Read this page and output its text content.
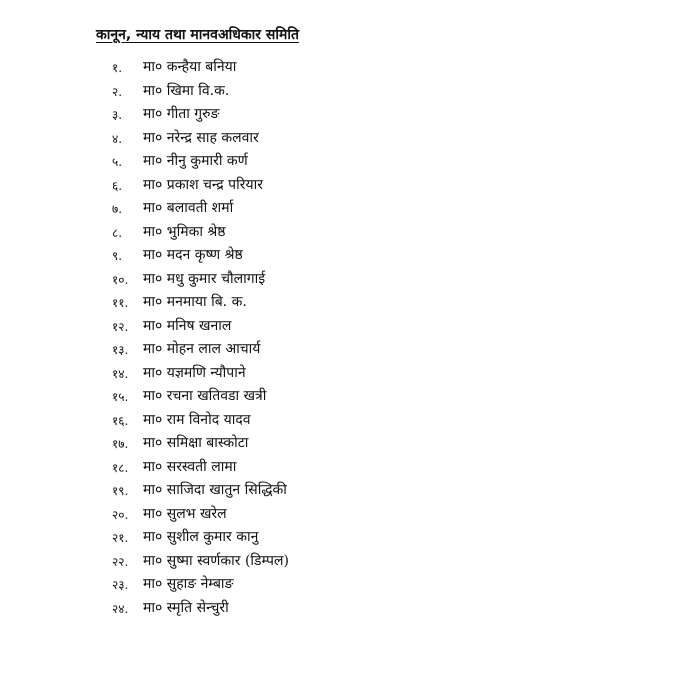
कानून, न्याय तथा मानवअधिकार समिति
१. मा० कन्हैया बनिया
२. मा० खिमा वि.क.
३. मा० गीता गुरुङ
४. मा० नरेन्द्र साह कलवार
५. मा० नीनु कुमारी कर्ण
६. मा० प्रकाश चन्द्र परियार
७. मा० बलावती शर्मा
८. मा० भुमिका श्रेष्ठ
९. मा० मदन कृष्ण श्रेष्ठ
१०. मा० मधु कुमार चौलागाई
११. मा० मनमाया बि. क.
१२. मा० मनिष खनाल
१३. मा० मोहन लाल आचार्य
१४. मा० यज्ञमणि न्यौपाने
१५. मा० रचना खतिवडा खत्री
१६. मा० राम विनोद यादव
१७. मा० समिक्षा बास्कोटा
१८. मा० सरस्वती लामा
१९. मा० साजिदा खातुन सिद्धिकी
२०. मा० सुलभ खरेल
२१. मा० सुशील कुमार कानु
२२. मा० सुष्मा स्वर्णकार (डिम्पल)
२३. मा० सुहाङ नेम्बाङ
२४. मा० स्मृति सेन्चुरी
